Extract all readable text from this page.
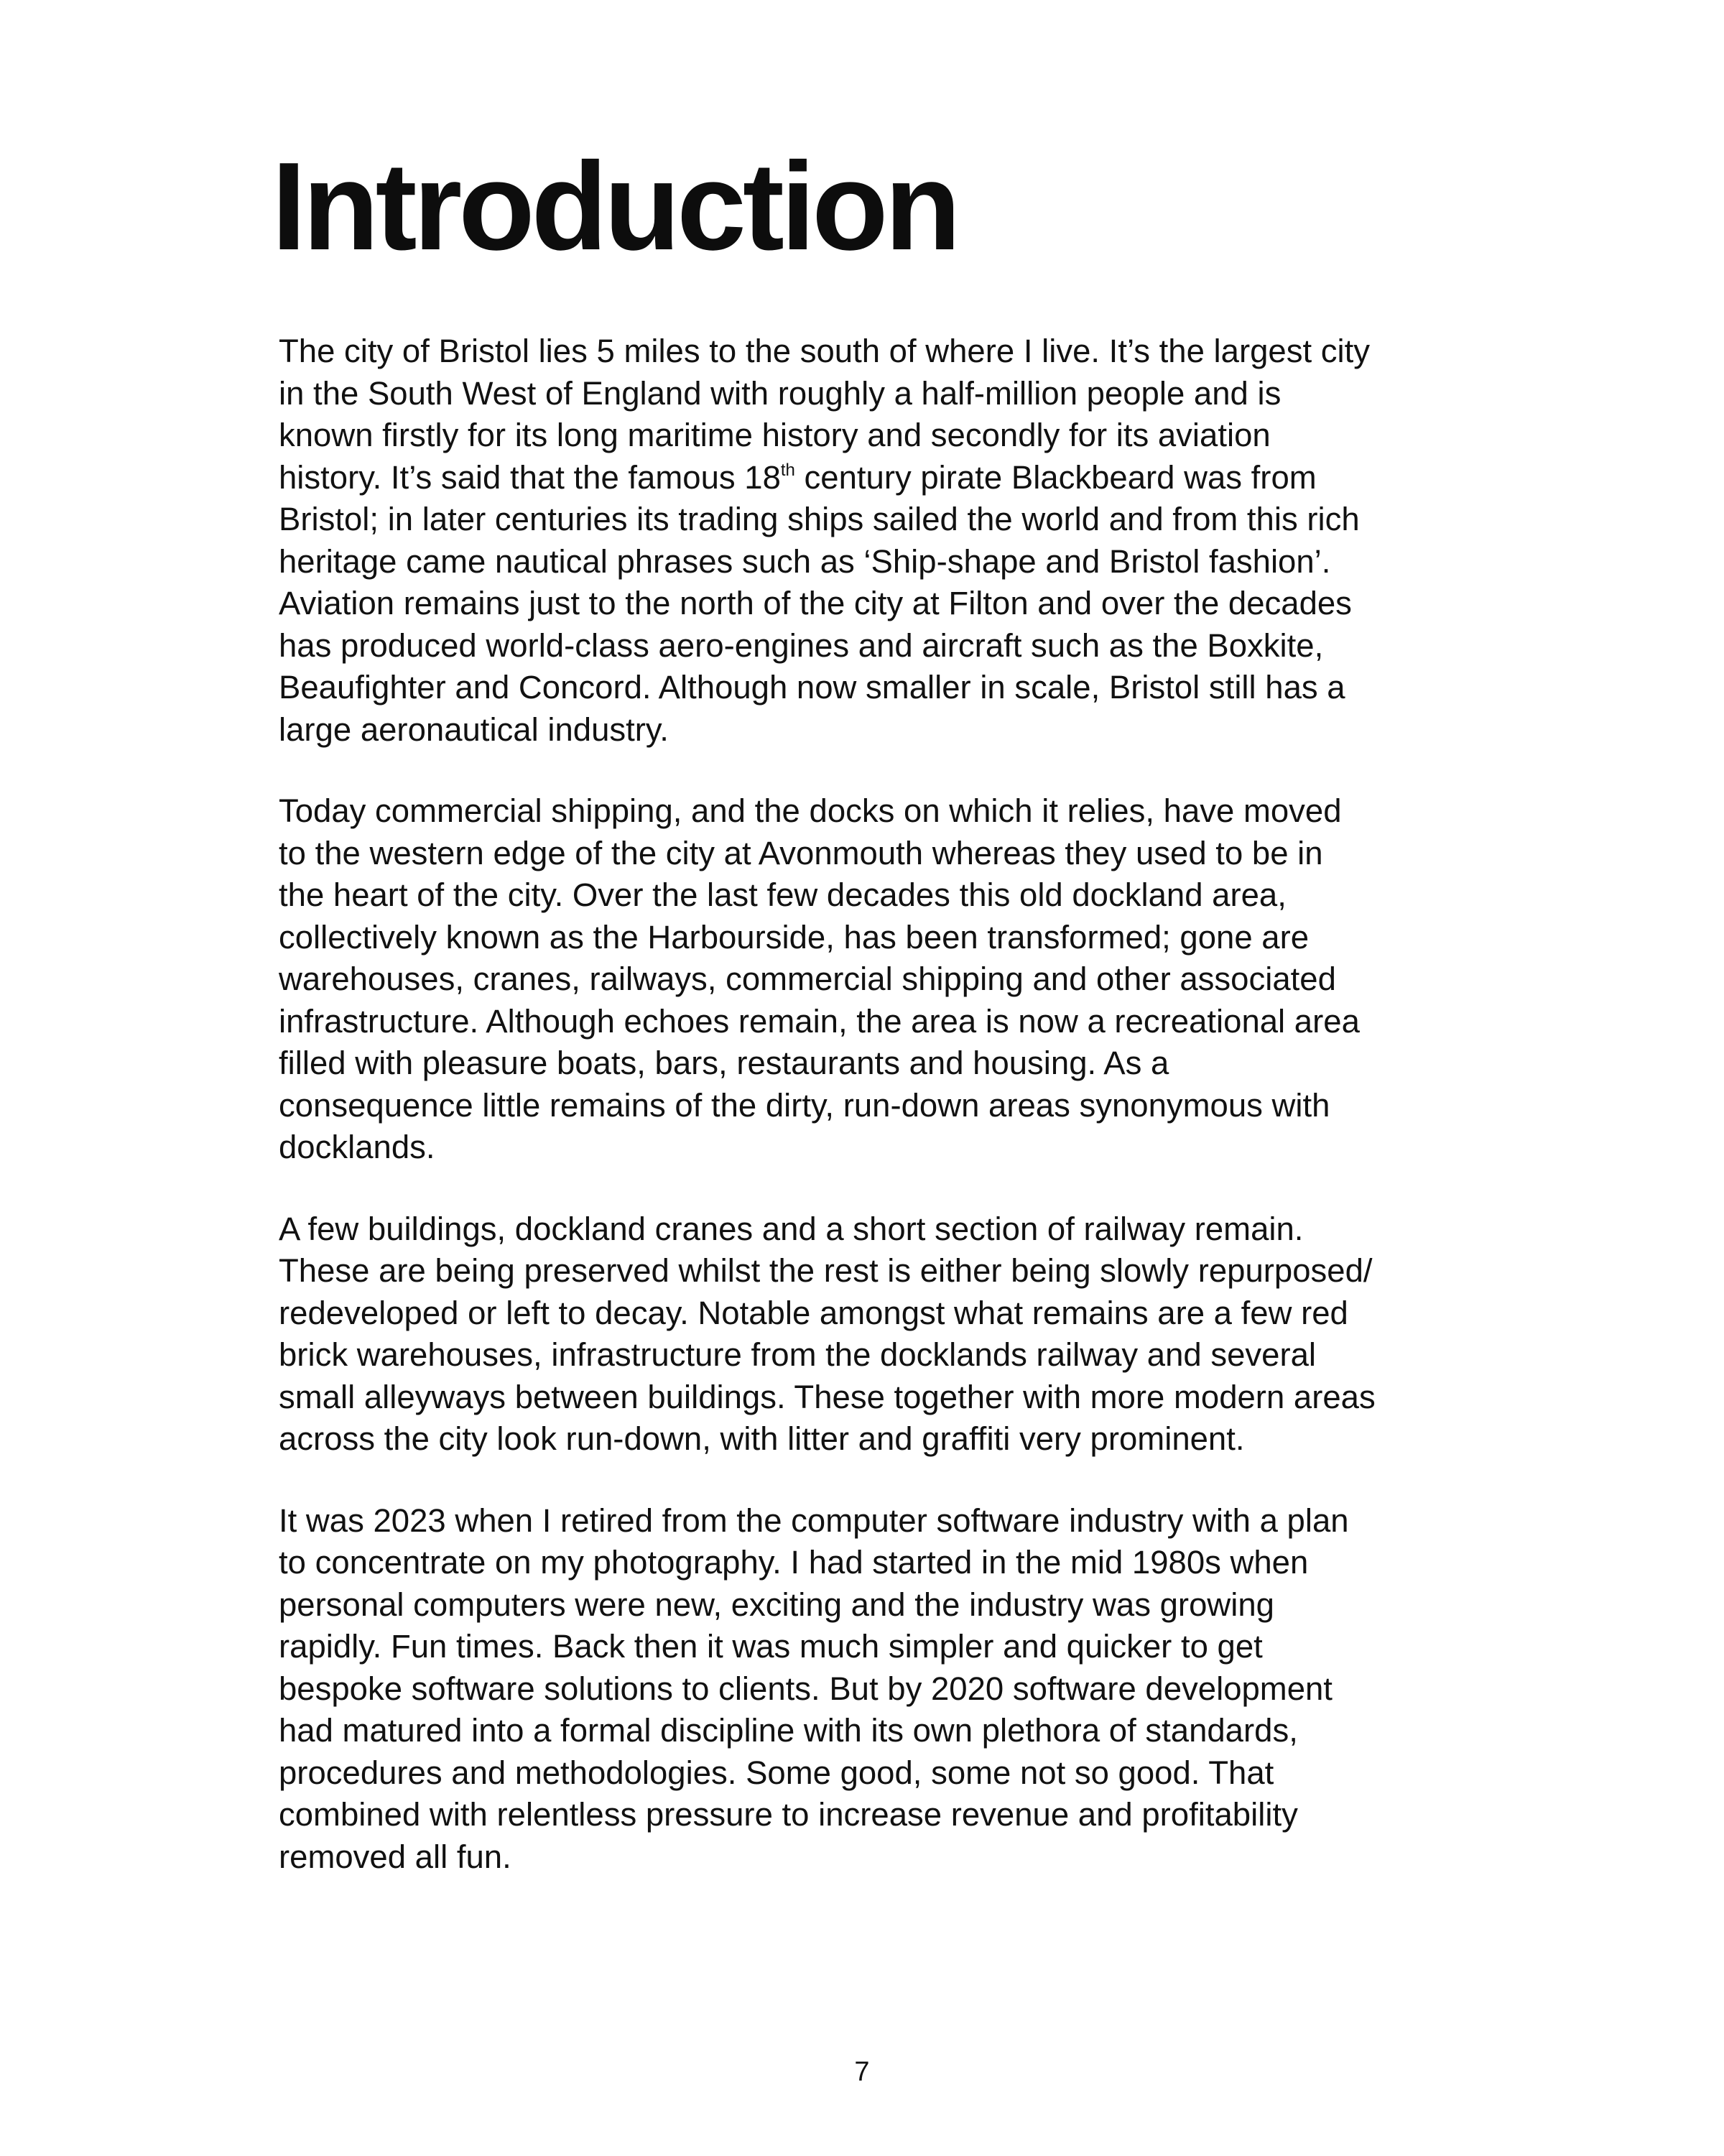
Introduction

The city of Bristol lies 5 miles to the south of where I live. It’s the largest city
in the South West of England with roughly a half-million people and is
known firstly for its long maritime history and secondly for its aviation
history. It’s said that the famous 18th century pirate Blackbeard was from
Bristol; in later centuries its trading ships sailed the world and from this rich
heritage came nautical phrases such as ‘Ship-shape and Bristol fashion’.
Aviation remains just to the north of the city at Filton and over the decades
has produced world-class aero-engines and aircraft such as the Boxkite,
Beaufighter and Concord. Although now smaller in scale, Bristol still has a
large aeronautical industry.

Today commercial shipping, and the docks on which it relies, have moved
to the western edge of the city at Avonmouth whereas they used to be in
the heart of the city. Over the last few decades this old dockland area,
collectively known as the Harbourside, has been transformed; gone are
warehouses, cranes, railways, commercial shipping and other associated
infrastructure. Although echoes remain, the area is now a recreational area
filled with pleasure boats, bars, restaurants and housing. As a
consequence little remains of the dirty, run-down areas synonymous with
docklands.

A few buildings, dockland cranes and a short section of railway remain.
These are being preserved whilst the rest is either being slowly repurposed/
redeveloped or left to decay. Notable amongst what remains are a few red
brick warehouses, infrastructure from the docklands railway and several
small alleyways between buildings. These together with more modern areas
across the city look run-down, with litter and graffiti very prominent.

It was 2023 when I retired from the computer software industry with a plan
to concentrate on my photography. I had started in the mid 1980s when
personal computers were new, exciting and the industry was growing
rapidly. Fun times. Back then it was much simpler and quicker to get
bespoke software solutions to clients. But by 2020 software development
had matured into a formal discipline with its own plethora of standards,
procedures and methodologies. Some good, some not so good. That
combined with relentless pressure to increase revenue and profitability
removed all fun.

7
